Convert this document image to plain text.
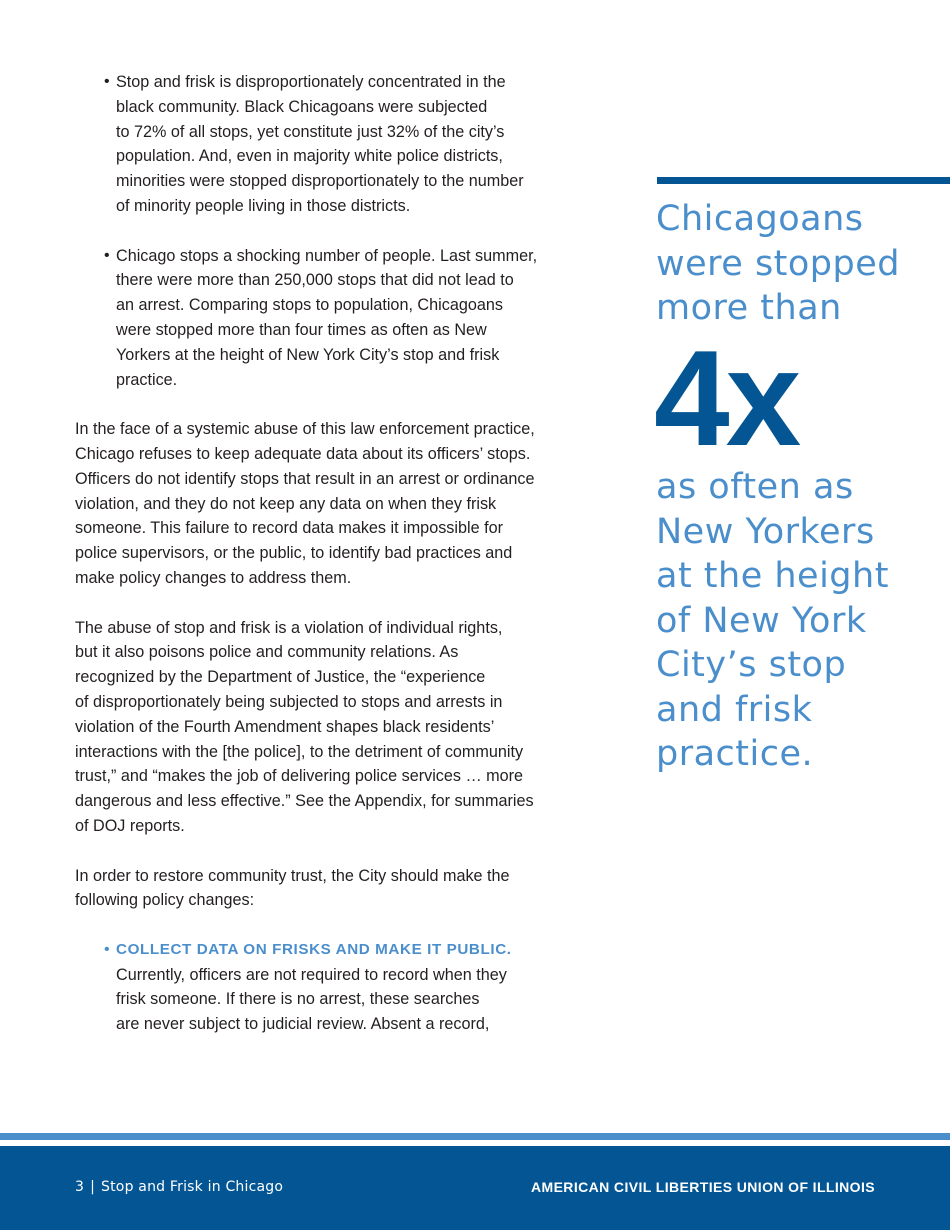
• Stop and frisk is disproportionately concentrated in the
black community. Black Chicagoans were subjected
to 72% of all stops, yet constitute just 32% of the city’s
population. And, even in majority white police districts,
minorities were stopped disproportionately to the number
of minority people living in those districts.
• Chicago stops a shocking number of people. Last summer,
there were more than 250,000 stops that did not lead to
an arrest. Comparing stops to population, Chicagoans
were stopped more than four times as often as New
Yorkers at the height of New York City’s stop and frisk
practice.
In the face of a systemic abuse of this law enforcement practice,
Chicago refuses to keep adequate data about its officers’ stops.
Officers do not identify stops that result in an arrest or ordinance
violation, and they do not keep any data on when they frisk
someone. This failure to record data makes it impossible for
police supervisors, or the public, to identify bad practices and
make policy changes to address them.
The abuse of stop and frisk is a violation of individual rights,
but it also poisons police and community relations. As
recognized by the Department of Justice, the “experience
of disproportionately being subjected to stops and arrests in
violation of the Fourth Amendment shapes black residents’
interactions with the [the police], to the detriment of community
trust,” and “makes the job of delivering police services … more
dangerous and less effective.” See the Appendix, for summaries
of DOJ reports.
In order to restore community trust, the City should make the
following policy changes:
• COLLECT DATA ON FRISKS AND MAKE IT PUBLIC.
Currently, officers are not required to record when they
frisk someone. If there is no arrest, these searches
are never subject to judicial review. Absent a record,
Chicagoans
were stopped
more than
4x
as often as
New Yorkers
at the height
of New York
City’s stop
and frisk
practice.
3 | Stop and Frisk in Chicago	AMERICAN CIVIL LIBERTIES UNION OF ILLINOIS
